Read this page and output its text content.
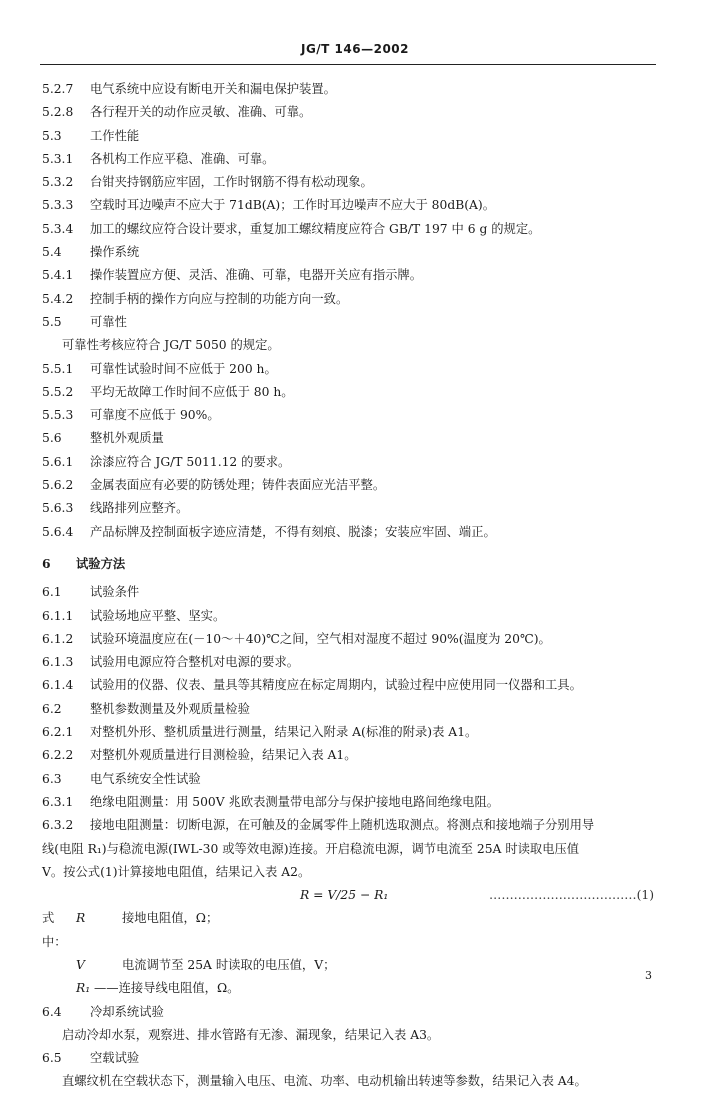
JG/T 146—2002
5.2.7	电气系统中应设有断电开关和漏电保护装置。
5.2.8	各行程开关的动作应灵敏、准确、可靠。
5.3	工作性能
5.3.1	各机构工作应平稳、准确、可靠。
5.3.2	台钳夹持钢筋应牢固，工作时钢筋不得有松动现象。
5.3.3	空载时耳边噪声不应大于 71dB(A)；工作时耳边噪声不应大于 80dB(A)。
5.3.4	加工的螺纹应符合设计要求，重复加工螺纹精度应符合 GB/T 197 中 6 g 的规定。
5.4	操作系统
5.4.1	操作装置应方便、灵活、准确、可靠，电器开关应有指示牌。
5.4.2	控制手柄的操作方向应与控制的功能方向一致。
5.5	可靠性
可靠性考核应符合 JG/T 5050 的规定。
5.5.1	可靠性试验时间不应低于 200 h。
5.5.2	平均无故障工作时间不应低于 80 h。
5.5.3	可靠度不应低于 90%。
5.6	整机外观质量
5.6.1	涂漆应符合 JG/T 5011.12 的要求。
5.6.2	金属表面应有必要的防锈处理；铸件表面应光洁平整。
5.6.3	线路排列应整齐。
5.6.4	产品标牌及控制面板字迹应清楚，不得有刻痕、脱漆；安装应牢固、端正。
6	试验方法
6.1	试验条件
6.1.1	试验场地应平整、坚实。
6.1.2	试验环境温度应在(－10～＋40)℃之间，空气相对湿度不超过 90%(温度为 20℃)。
6.1.3	试验用电源应符合整机对电源的要求。
6.1.4	试验用的仪器、仪表、量具等其精度应在标定周期内，试验过程中应使用同一仪器和工具。
6.2	整机参数测量及外观质量检验
6.2.1	对整机外形、整机质量进行测量，结果记入附录 A(标准的附录)表 A1。
6.2.2	对整机外观质量进行目测检验，结果记入表 A1。
6.3	电气系统安全性试验
6.3.1	绝缘电阻测量：用 500V 兆欧表测量带电部分与保护接地电路间绝缘电阻。
6.3.2	接地电阻测量：切断电源，在可触及的金属零件上随机选取测点。将测点和接地端子分别用导
线(电阻 R₁)与稳流电源(IWL-30 或等效电源)连接。开启稳流电源，调节电流至 25A 时读取电压值
V。按公式(1)计算接地电阻值，结果记入表 A2。
R = V/25 − R₁	………………………………(1)
式中：
R	接地电阻值，Ω；
V	电流调节至 25A 时读取的电压值，V；
R₁ ——连接导线电阻值，Ω。
6.4	冷却系统试验
启动冷却水泵，观察进、排水管路有无渗、漏现象，结果记入表 A3。
6.5	空载试验
直螺纹机在空载状态下，测量输入电压、电流、功率、电动机输出转速等参数，结果记入表 A4。
3
